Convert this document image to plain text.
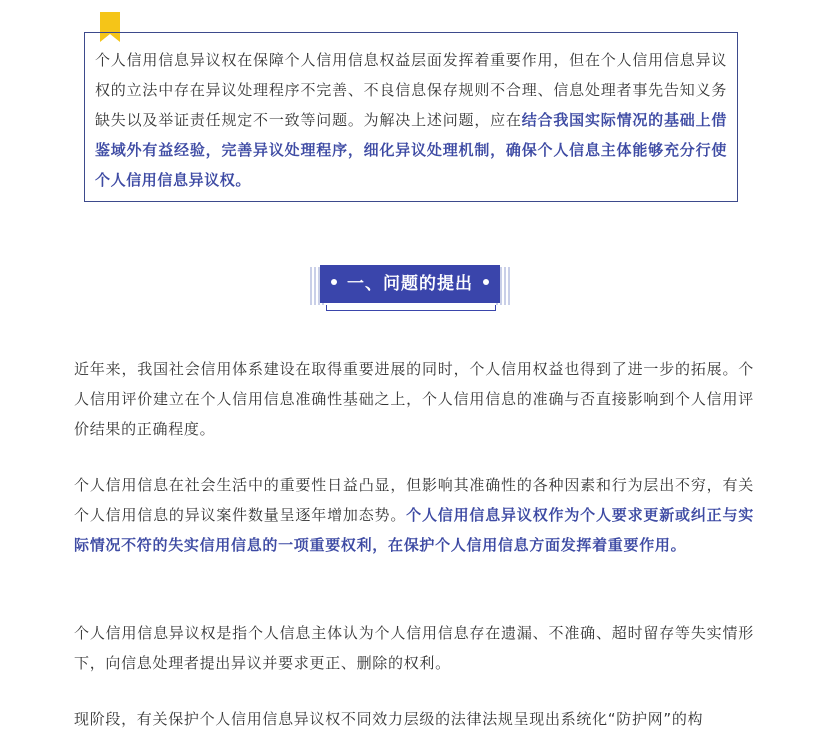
个人信用信息异议权在保障个人信用信息权益层面发挥着重要作用，但在个人信用信息异议权的立法中存在异议处理程序不完善、不良信息保存规则不合理、信息处理者事先告知义务缺失以及举证责任规定不一致等问题。为解决上述问题，应在结合我国实际情况的基础上借鉴域外有益经验，完善异议处理程序，细化异议处理机制，确保个人信息主体能够充分行使个人信用信息异议权。
一、问题的提出

近年来，我国社会信用体系建设在取得重要进展的同时，个人信用权益也得到了进一步的拓展。个人信用评价建立在个人信用信息准确性基础之上，个人信用信息的准确与否直接影响到个人信用评价结果的正确程度。

个人信用信息在社会生活中的重要性日益凸显，但影响其准确性的各种因素和行为层出不穷，有关个人信用信息的异议案件数量呈逐年增加态势。个人信用信息异议权作为个人要求更新或纠正与实际情况不符的失实信用信息的一项重要权利，在保护个人信用信息方面发挥着重要作用。

个人信用信息异议权是指个人信息主体认为个人信用信息存在遗漏、不准确、超时留存等失实情形下，向信息处理者提出异议并要求更正、删除的权利。

现阶段，有关保护个人信用信息异议权不同效力层级的法律法规呈现出系统化“防护网”的构
